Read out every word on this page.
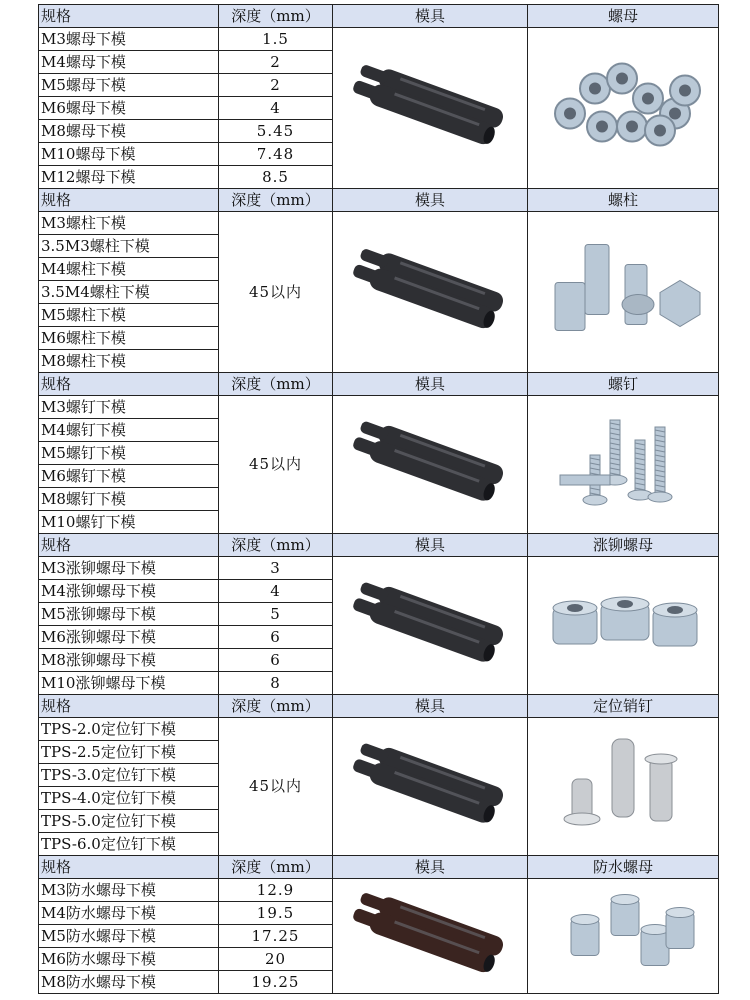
规格	深度（mm）	模具	螺母
M3螺母下模	1.5	

M4螺母下模	2		
M5螺母下模	2		
M6螺母下模	4		
M8螺母下模	5.45		
M10螺母下模	7.48		
M12螺母下模	8.5		
规格	深度（mm）	模具	螺柱
M3螺柱下模	45以内	

3.5M3螺柱下模			
M4螺柱下模			
3.5M4螺柱下模			
M5螺柱下模			
M6螺柱下模			
M8螺柱下模			
规格	深度（mm）	模具	螺钉
M3螺钉下模	45以内	

M4螺钉下模			
M5螺钉下模			
M6螺钉下模			
M8螺钉下模			
M10螺钉下模			
规格	深度（mm）	模具	涨铆螺母
M3涨铆螺母下模	3	

M4涨铆螺母下模	4		
M5涨铆螺母下模	5		
M6涨铆螺母下模	6		
M8涨铆螺母下模	6		
M10涨铆螺母下模	8		
规格	深度（mm）	模具	定位销钉
TPS-2.0定位钉下模	45以内	

TPS-2.5定位钉下模			
TPS-3.0定位钉下模			
TPS-4.0定位钉下模			
TPS-5.0定位钉下模			
TPS-6.0定位钉下模			
规格	深度（mm）	模具	防水螺母
M3防水螺母下模	12.9	

M4防水螺母下模	19.5		
M5防水螺母下模	17.25		
M6防水螺母下模	20		
M8防水螺母下模	19.25		
